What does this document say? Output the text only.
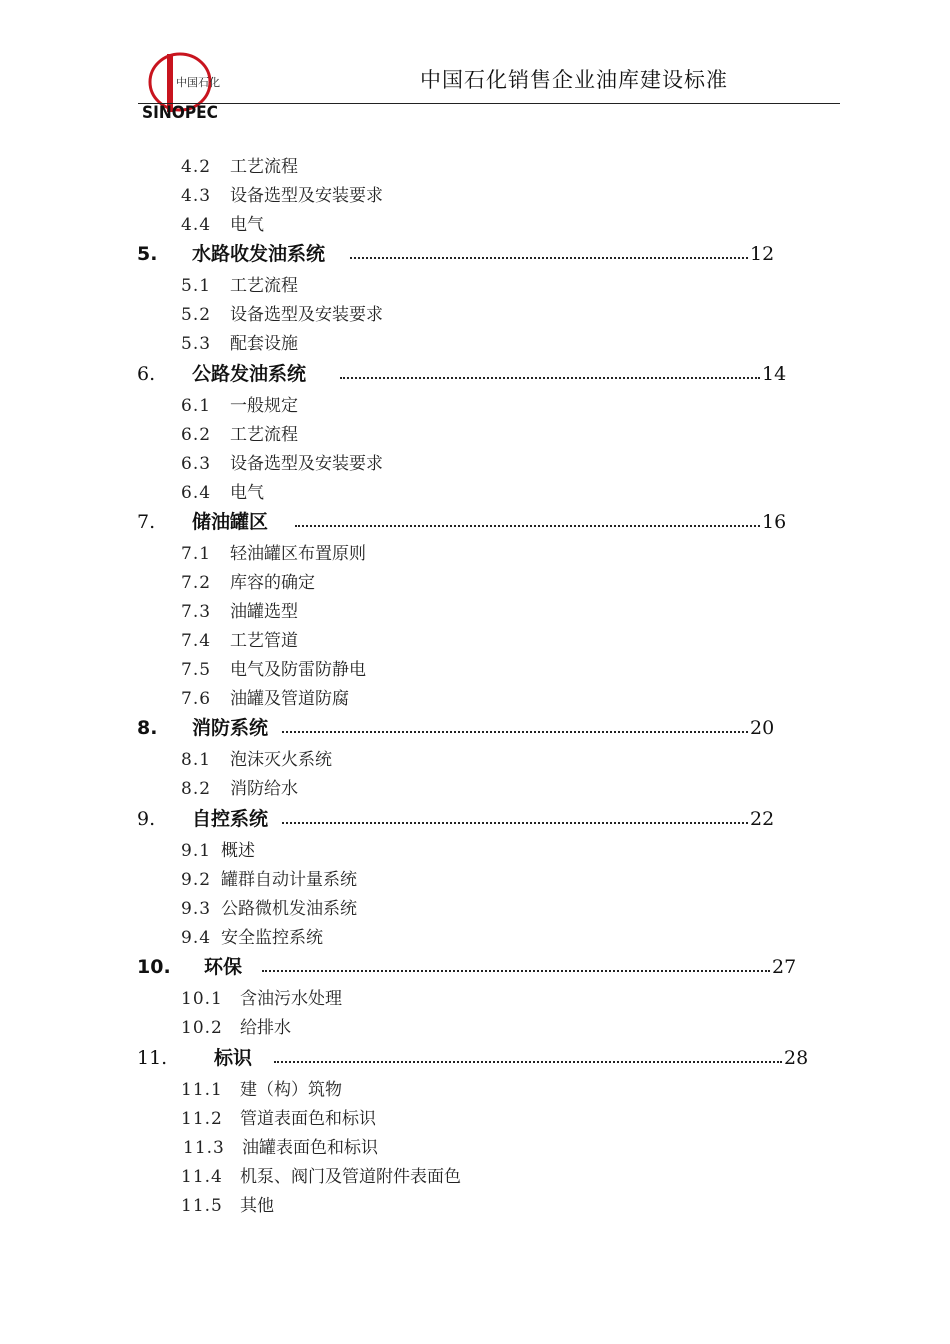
中国石化
SINOPEC
中国石化销售企业油库建设标准
4.2 工艺流程
4.3 设备选型及安装要求
4.4 电气
5. 水路收发油系统	12
5.1 工艺流程
5.2 设备选型及安装要求
5.3 配套设施
6. 公路发油系统	14
6.1 一般规定
6.2 工艺流程
6.3 设备选型及安装要求
6.4 电气
7. 储油罐区	16
7.1 轻油罐区布置原则
7.2 库容的确定
7.3 油罐选型
7.4 工艺管道
7.5 电气及防雷防静电
7.6 油罐及管道防腐
8. 消防系统	20
8.1 泡沫灭火系统
8.2 消防给水
9. 自控系统	22
9.1 概述
9.2 罐群自动计量系统
9.3 公路微机发油系统
9.4 安全监控系统
10. 环保	27
10.1 含油污水处理
10.2 给排水
11. 标识	28
11.1 建（构）筑物
11.2 管道表面色和标识
11.3 油罐表面色和标识
11.4 机泵、阀门及管道附件表面色
11.5 其他
